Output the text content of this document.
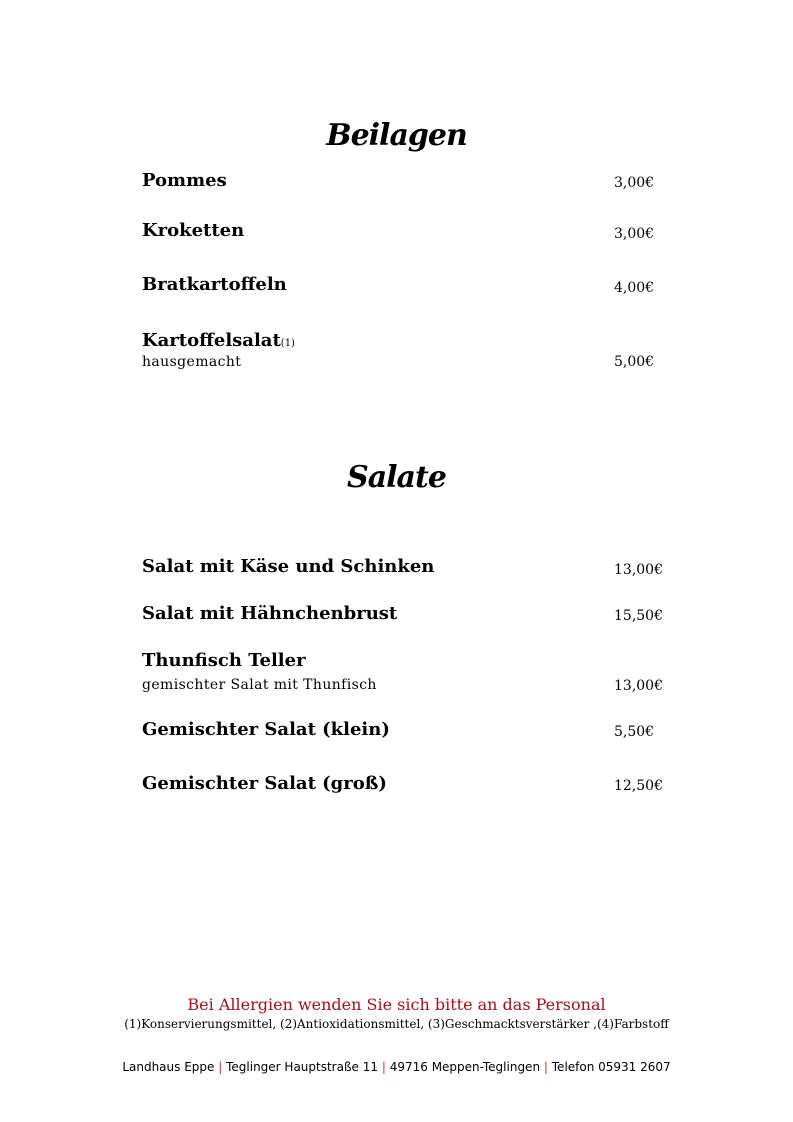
Beilagen
Pommes	3,00€
Kroketten	3,00€
Bratkartoffeln	4,00€
Kartoffelsalat(1)
hausgemacht	5,00€
Salate
Salat mit Käse und Schinken	13,00€
Salat mit Hähnchenbrust	15,50€
Thunfisch Teller
gemischter Salat mit Thunfisch	13,00€
Gemischter Salat (klein)	5,50€
Gemischter Salat (groß)	12,50€
Bei Allergien wenden Sie sich bitte an das Personal
(1)Konservierungsmittel, (2)Antioxidationsmittel, (3)Geschmacktsverstärker ,(4)Farbstoff
Landhaus Eppe | Teglinger Hauptstraße 11 | 49716 Meppen-Teglingen | Telefon 05931 2607
